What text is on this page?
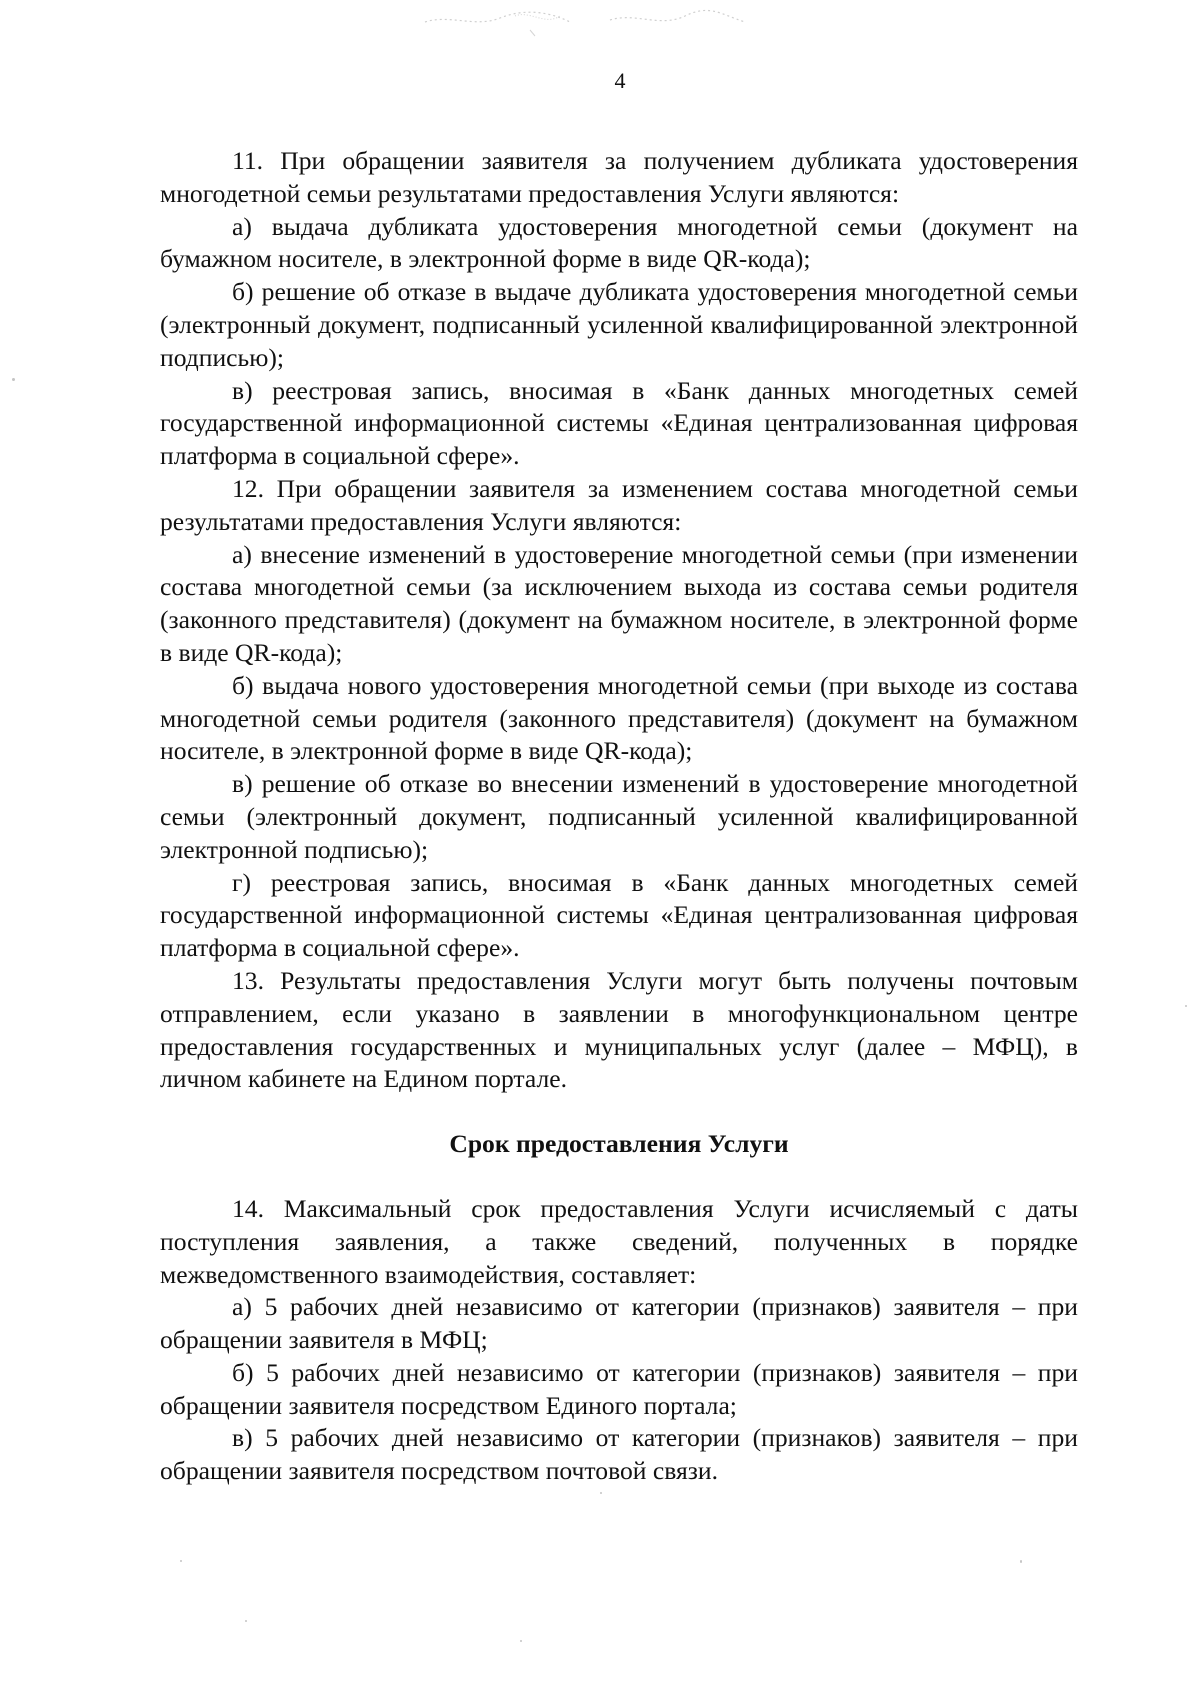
4

11. При обращении заявителя за получением дубликата удостоверения многодетной семьи результатами предоставления Услуги являются:

а) выдача дубликата удостоверения многодетной семьи (документ на бумажном носителе, в электронной форме в виде QR-кода);

б) решение об отказе в выдаче дубликата удостоверения многодетной семьи (электронный документ, подписанный усиленной квалифицированной электронной подписью);

в) реестровая запись, вносимая в «Банк данных многодетных семей государственной информационной системы «Единая централизованная цифровая платформа в социальной сфере».

12. При обращении заявителя за изменением состава многодетной семьи результатами предоставления Услуги являются:

а) внесение изменений в удостоверение многодетной семьи (при изменении состава многодетной семьи (за исключением выхода из состава семьи родителя (законного представителя) (документ на бумажном носителе, в электронной форме в виде QR-кода);

б) выдача нового удостоверения многодетной семьи (при выходе из состава многодетной семьи родителя (законного представителя) (документ на бумажном носителе, в электронной форме в виде QR-кода);

в) решение об отказе во внесении изменений в удостоверение многодетной семьи (электронный документ, подписанный усиленной квалифицированной электронной подписью);

г) реестровая запись, вносимая в «Банк данных многодетных семей государственной информационной системы «Единая централизованная цифровая платформа в социальной сфере».

13. Результаты предоставления Услуги могут быть получены почтовым отправлением, если указано в заявлении в многофункциональном центре предоставления государственных и муниципальных услуг (далее – МФЦ), в личном кабинете на Едином портале.

Срок предоставления Услуги

14. Максимальный срок предоставления Услуги исчисляемый с даты поступления заявления, а также сведений, полученных в порядке межведомственного взаимодействия, составляет:

а) 5 рабочих дней независимо от категории (признаков) заявителя – при обращении заявителя в МФЦ;

б) 5 рабочих дней независимо от категории (признаков) заявителя – при обращении заявителя посредством Единого портала;

в) 5 рабочих дней независимо от категории (признаков) заявителя – при обращении заявителя посредством почтовой связи.
